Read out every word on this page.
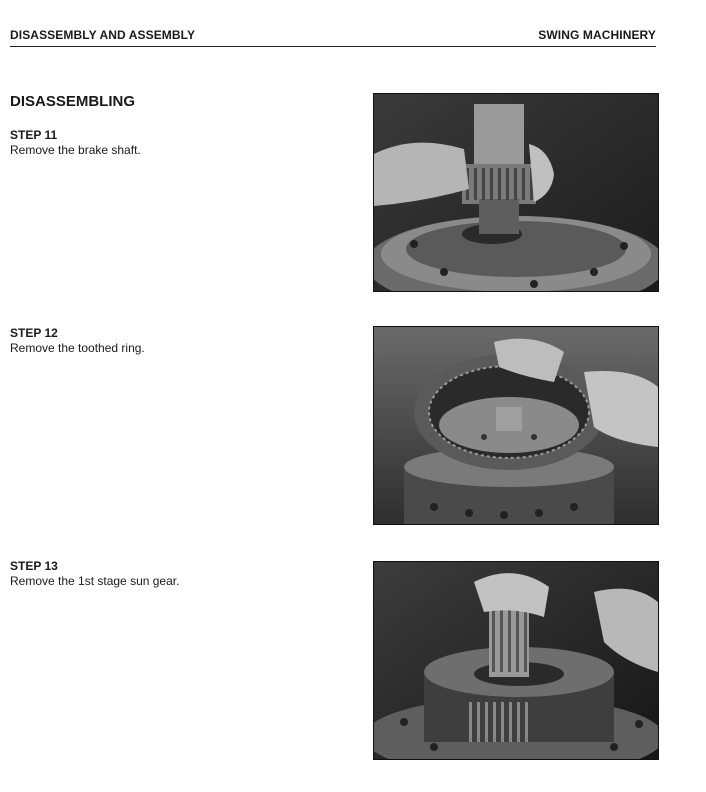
DISASSEMBLY AND ASSEMBLY	SWING MACHINERY
DISASSEMBLING
STEP 11
Remove the brake shaft.
STEP 12
Remove the toothed ring.
STEP 13
Remove the 1st stage sun gear.
